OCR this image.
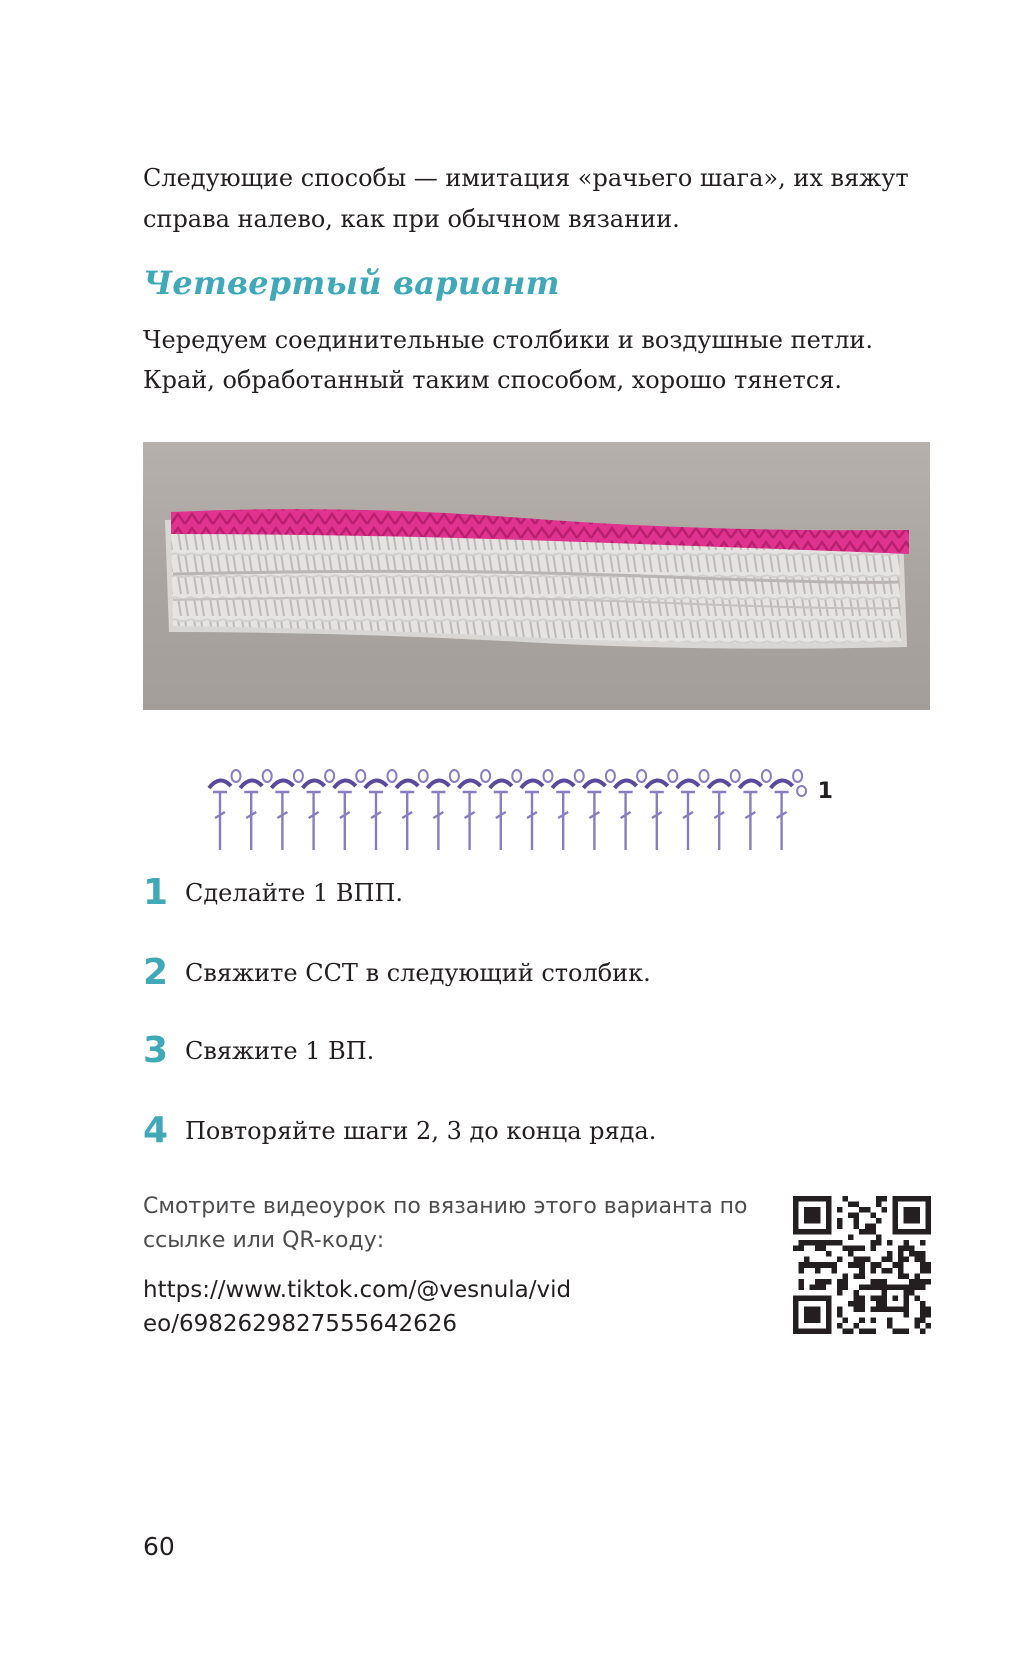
Следующие способы — имитация «рачьего шага», их вяжут справа налево, как при обычном вязании.

Четвертый вариант

Чередуем соединительные столбики и воздушные петли. Край, обработанный таким способом, хорошо тянется.

1
1 Сделайте 1 ВПП.
2 Свяжите ССТ в следующий столбик.
3 Свяжите 1 ВП.
4 Повторяйте шаги 2, 3 до конца ряда.

Смотрите видеоурок по вязанию этого варианта по ссылке или QR-коду:

https://www.tiktok.com/@vesnula/video/6982629827555642626

60
